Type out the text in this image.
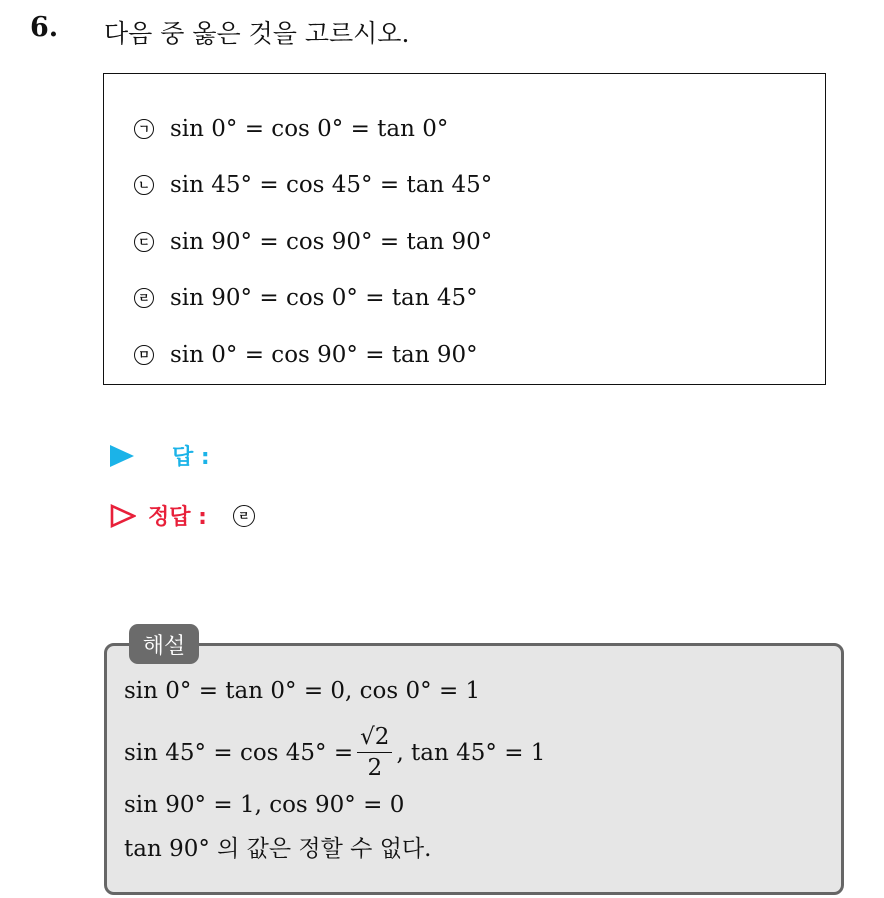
6. 다음 중 옳은 것을 고르시오.
ㄱ sin 0° = cos 0° = tan 0°
ㄴ sin 45° = cos 45° = tan 45°
ㄷ sin 90° = cos 90° = tan 90°
ㄹ sin 90° = cos 0° = tan 45°
ㅁ sin 0° = cos 90° = tan 90°
답 :
정답 :	ㄹ
해설
sin 0° = tan 0° = 0, cos 0° = 1
$\sin 45^\circ = \cos 45^\circ = \frac{√2}{2}$ , tan 45° = 1
sin 90° = 1, cos 90° = 0
tan 90° 의 값은 정할 수 없다.
